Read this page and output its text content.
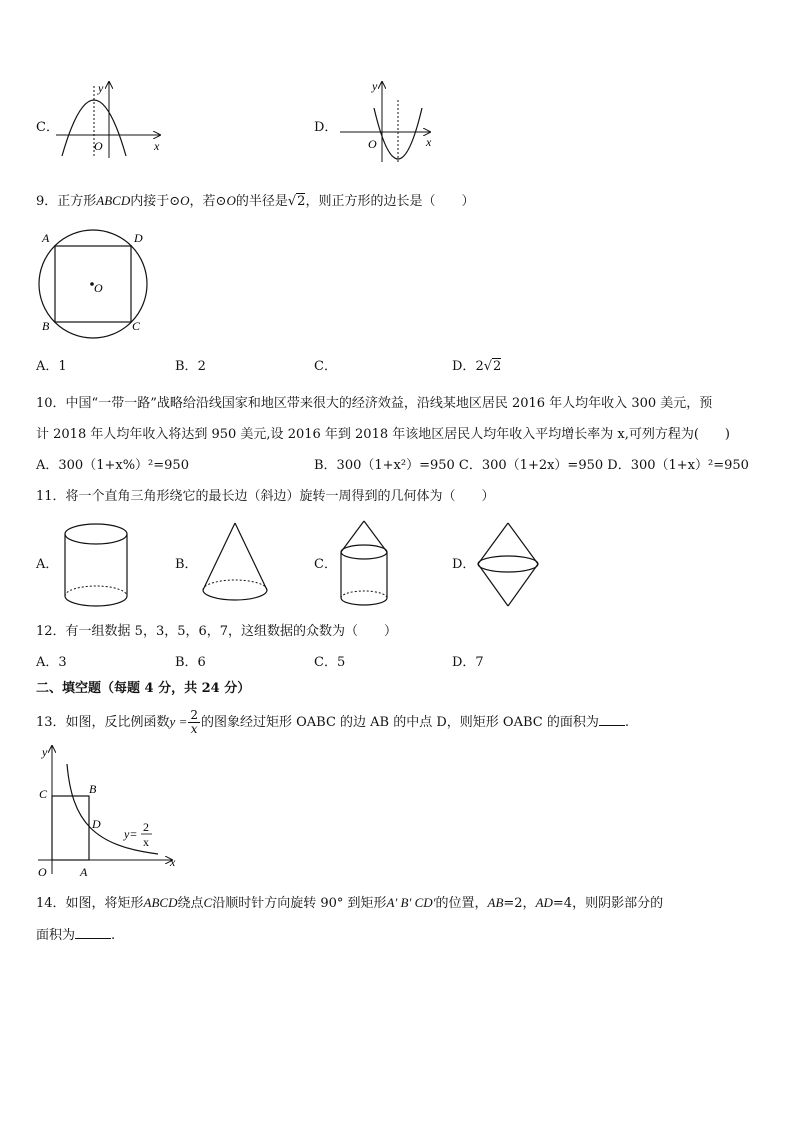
C．
O	x
y
D．
O	x
y
9．正方形ABCD内接于⊙O，若⊙O的半径是√2，则正方形的边长是（　　）
O
A	D
B	C
A．1	B．2	C．	D．2√2
10．中国“一带一路”战略给沿线国家和地区带来很大的经济效益，沿线某地区居民 2016 年人均年收入 300 美元，预
计 2018 年人均年收入将达到 950 美元,设 2016 年到 2018 年该地区居民人均年收入平均增长率为 x,可列方程为(　　)
A．300（1+x%）²=950	B．300（1+x²）=950 C．300（1+2x）=950 D．300（1+x）²=950
11．将一个直角三角形绕它的最长边（斜边）旋转一周得到的几何体为（　　）
A．	B．	C．	D．
12．有一组数据 5，3，5，6，7，这组数据的众数为（　　）
A．3	B．6	C．5	D．7
二、填空题（每题 4 分，共 24 分）
13．如图，反比例函数$y = \frac{2}{x}$ 的图象经过矩形 OABC 的边 AB 的中点 D，则矩形 OABC 的面积为 .
y
x
O	A
B
C
D
y= 2
x
14．如图，将矩形ABCD绕点C沿顺时针方向旋转 90° 到矩形A′ B′ CD′的位置，AB=2，AD=4，则阴影部分的
面积为	.
